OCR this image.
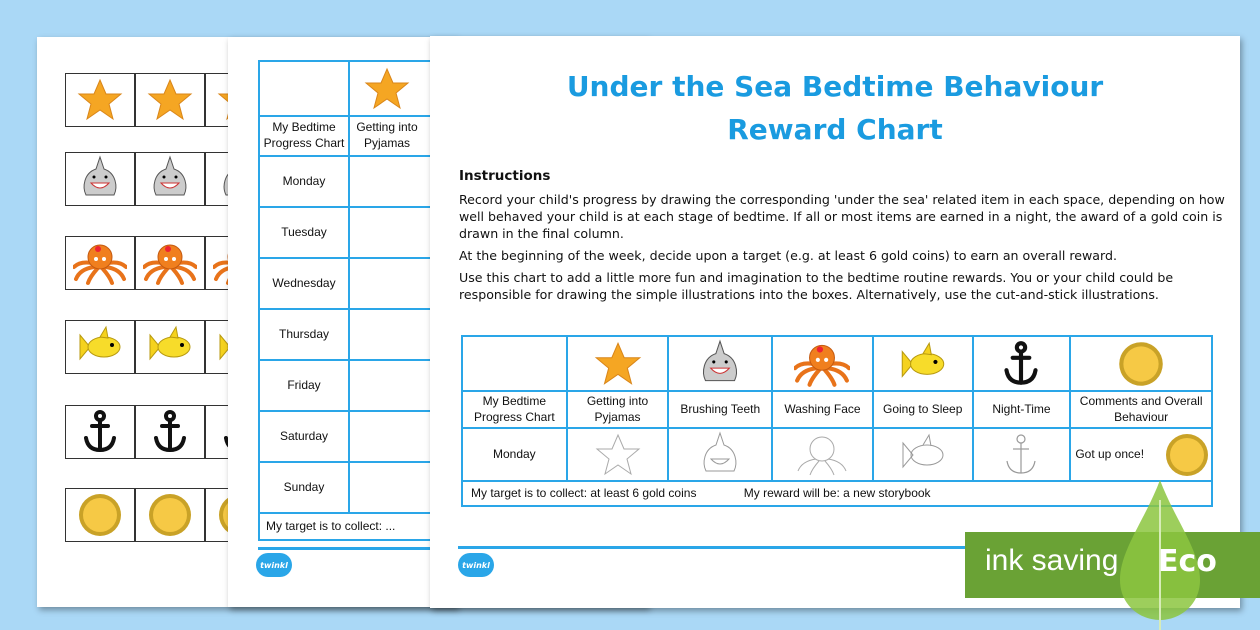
My Bedtime Progress Chart	Getting into Pyjamas

Monday	
Tuesday	
Wednesday	
Thursday	
Friday	
Saturday	
Sunday	
My target is to collect: ...	
twinkl
Under the Sea Bedtime Behaviour
Reward Chart
Instructions

Record your child's progress by drawing the corresponding 'under the sea' related item in each space, depending on how well behaved your child is at each stage of bedtime. If all or most items are earned in a night, the award of a gold coin is drawn in the final column.

At the beginning of the week, decide upon a target (e.g. at least 6 gold coins) to earn an overall reward.

Use this chart to add a little more fun and imagination to the bedtime routine rewards. You or your child could be responsible for drawing the simple illustrations into the boxes. Alternatively, use the cut-and-stick illustrations.

My Bedtime Progress Chart	Getting into Pyjamas	Brushing Teeth	Washing Face	Going to Sleep	Night-Time	Comments and Overall Behaviour
Monday						Got up once!

My target is to collect: at least 6 gold coins My reward will be: a new storybook						
twinkl	ink saving Eco
